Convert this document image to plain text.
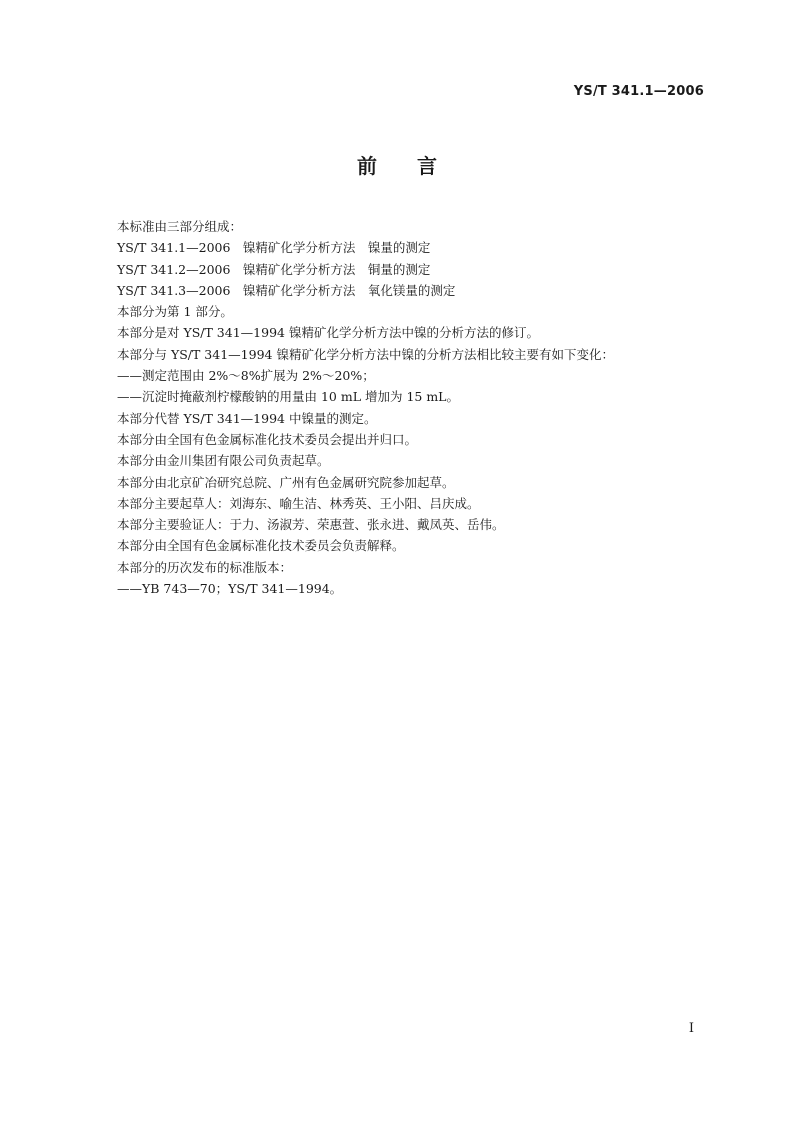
YS/T 341.1—2006
前 言
本标准由三部分组成：
YS/T 341.1—2006　镍精矿化学分析方法　镍量的测定
YS/T 341.2—2006　镍精矿化学分析方法　铜量的测定
YS/T 341.3—2006　镍精矿化学分析方法　氧化镁量的测定
本部分为第 1 部分。
本部分是对 YS/T 341—1994 镍精矿化学分析方法中镍的分析方法的修订。
本部分与 YS/T 341—1994 镍精矿化学分析方法中镍的分析方法相比较主要有如下变化：
——测定范围由 2%～8%扩展为 2%～20%；
——沉淀时掩蔽剂柠檬酸钠的用量由 10 mL 增加为 15 mL。
本部分代替 YS/T 341—1994 中镍量的测定。
本部分由全国有色金属标准化技术委员会提出并归口。
本部分由金川集团有限公司负责起草。
本部分由北京矿冶研究总院、广州有色金属研究院参加起草。
本部分主要起草人：刘海东、喻生洁、林秀英、王小阳、吕庆成。
本部分主要验证人：于力、汤淑芳、荣惠萱、张永进、戴凤英、岳伟。
本部分由全国有色金属标准化技术委员会负责解释。
本部分的历次发布的标准版本：
——YB 743—70；YS/T 341—1994。
I
